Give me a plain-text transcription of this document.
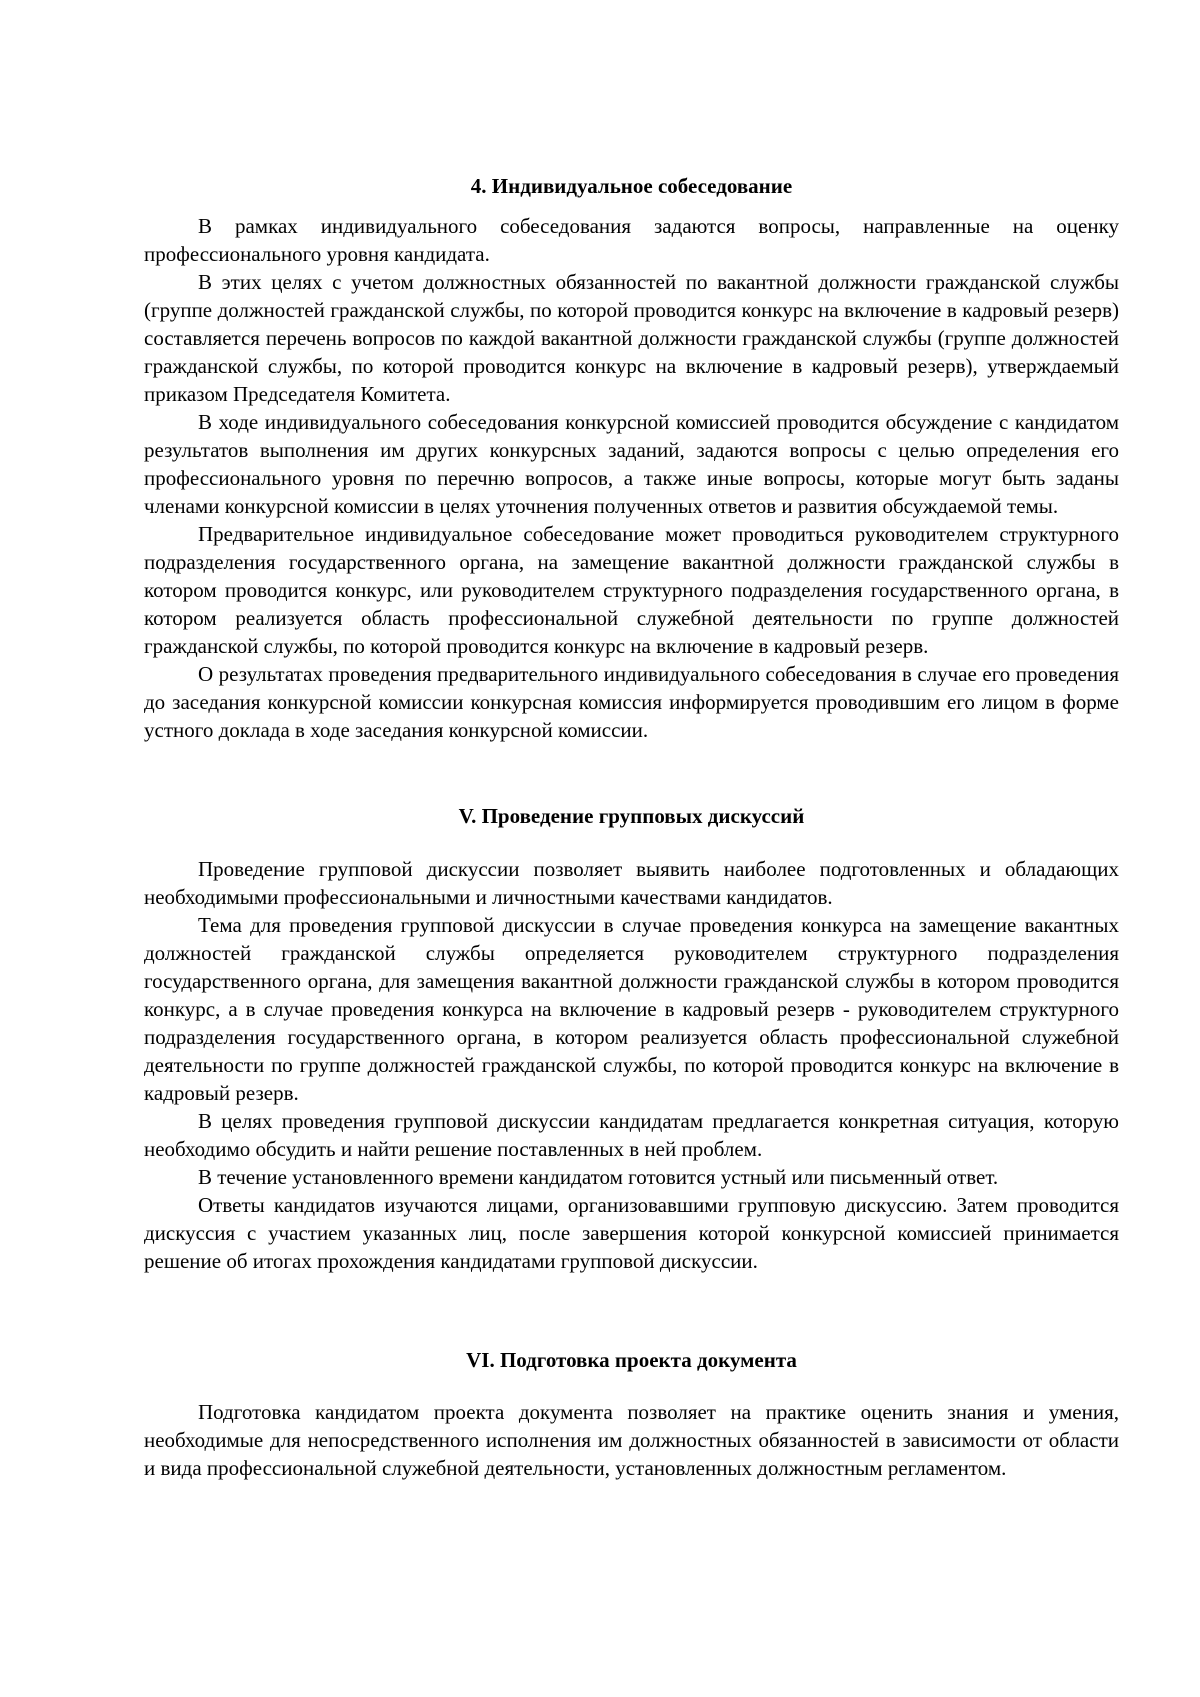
4. Индивидуальное собеседование

В рамках индивидуального собеседования задаются вопросы, направленные на оценку профессионального уровня кандидата.

В этих целях с учетом должностных обязанностей по вакантной должности гражданской службы (группе должностей гражданской службы, по которой проводится конкурс на включение в кадровый резерв) составляется перечень вопросов по каждой вакантной должности гражданской службы (группе должностей гражданской службы, по которой проводится конкурс на включение в кадровый резерв), утверждаемый приказом Председателя Комитета.

В ходе индивидуального собеседования конкурсной комиссией проводится обсуждение с кандидатом результатов выполнения им других конкурсных заданий, задаются вопросы с целью определения его профессионального уровня по перечню вопросов, а также иные вопросы, которые могут быть заданы членами конкурсной комиссии в целях уточнения полученных ответов и развития обсуждаемой темы.

Предварительное индивидуальное собеседование может проводиться руководителем структурного подразделения государственного органа, на замещение вакантной должности гражданской службы в котором проводится конкурс, или руководителем структурного подразделения государственного органа, в котором реализуется область профессиональной служебной деятельности по группе должностей гражданской службы, по которой проводится конкурс на включение в кадровый резерв.

О результатах проведения предварительного индивидуального собеседования в случае его проведения до заседания конкурсной комиссии конкурсная комиссия информируется проводившим его лицом в форме устного доклада в ходе заседания конкурсной комиссии.

V. Проведение групповых дискуссий

Проведение групповой дискуссии позволяет выявить наиболее подготовленных и обладающих необходимыми профессиональными и личностными качествами кандидатов.

Тема для проведения групповой дискуссии в случае проведения конкурса на замещение вакантных должностей гражданской службы определяется руководителем структурного подразделения государственного органа, для замещения вакантной должности гражданской службы в котором проводится конкурс, а в случае проведения конкурса на включение в кадровый резерв - руководителем структурного подразделения государственного органа, в котором реализуется область профессиональной служебной деятельности по группе должностей гражданской службы, по которой проводится конкурс на включение в кадровый резерв.

В целях проведения групповой дискуссии кандидатам предлагается конкретная ситуация, которую необходимо обсудить и найти решение поставленных в ней проблем.

В течение установленного времени кандидатом готовится устный или письменный ответ.

Ответы кандидатов изучаются лицами, организовавшими групповую дискуссию. Затем проводится дискуссия с участием указанных лиц, после завершения которой конкурсной комиссией принимается решение об итогах прохождения кандидатами групповой дискуссии.

VI. Подготовка проекта документа

Подготовка кандидатом проекта документа позволяет на практике оценить знания и умения, необходимые для непосредственного исполнения им должностных обязанностей в зависимости от области и вида профессиональной служебной деятельности, установленных должностным регламентом.
